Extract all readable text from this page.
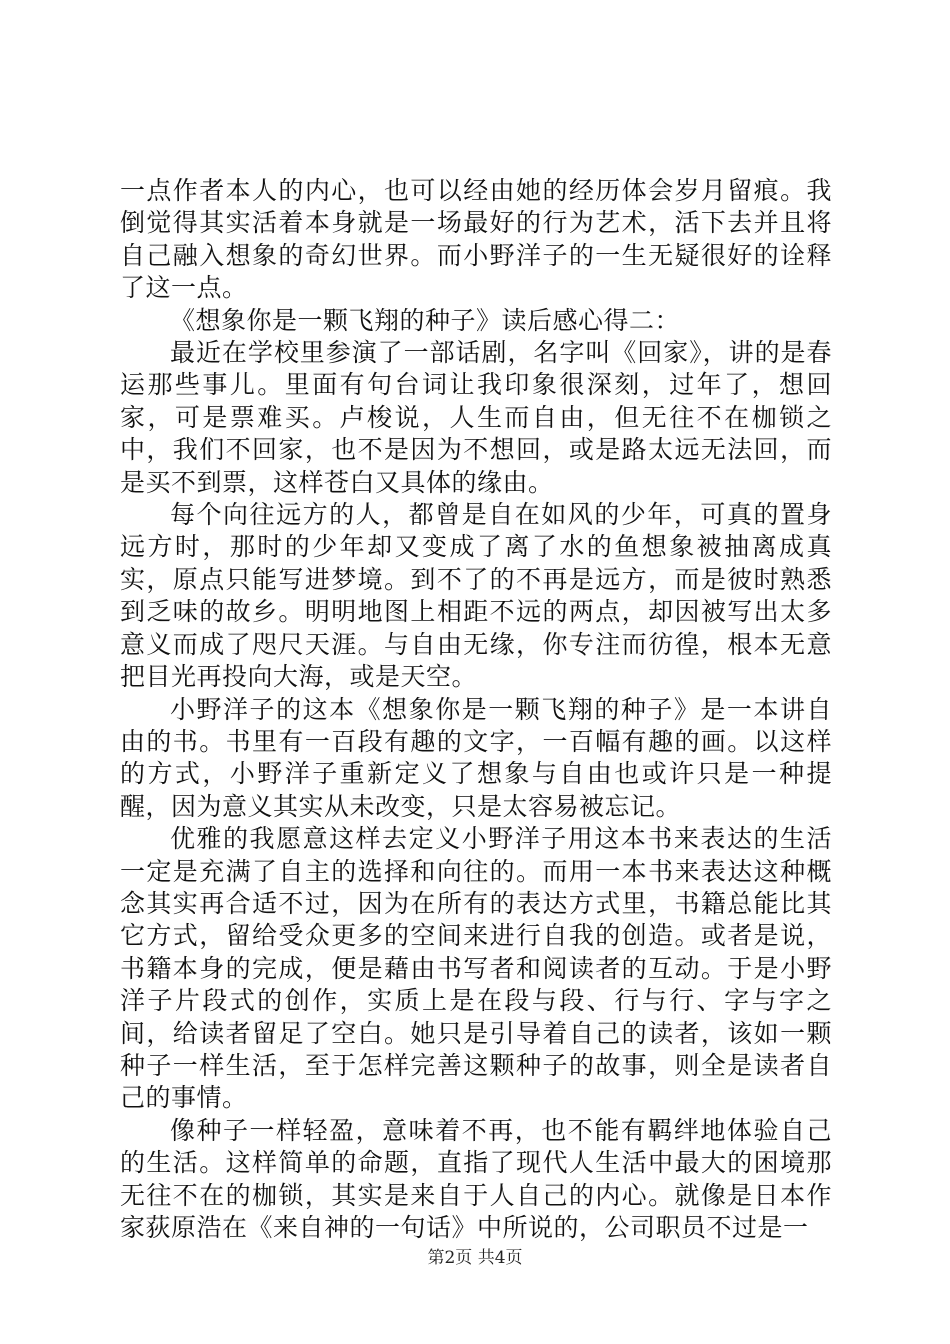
一点作者本人的内心，也可以经由她的经历体会岁月留痕。我倒觉得其实活着本身就是一场最好的行为艺术，活下去并且将自己融入想象的奇幻世界。而小野洋子的一生无疑很好的诠释了这一点。

《想象你是一颗飞翔的种子》读后感心得二：

最近在学校里参演了一部话剧，名字叫《回家》，讲的是春运那些事儿。里面有句台词让我印象很深刻，过年了，想回家，可是票难买。卢梭说，人生而自由，但无往不在枷锁之中，我们不回家，也不是因为不想回，或是路太远无法回，而是买不到票，这样苍白又具体的缘由。

每个向往远方的人，都曾是自在如风的少年，可真的置身远方时，那时的少年却又变成了离了水的鱼想象被抽离成真实，原点只能写进梦境。到不了的不再是远方，而是彼时熟悉到乏味的故乡。明明地图上相距不远的两点，却因被写出太多意义而成了咫尺天涯。与自由无缘，你专注而彷徨，根本无意把目光再投向大海，或是天空。

小野洋子的这本《想象你是一颗飞翔的种子》是一本讲自由的书。书里有一百段有趣的文字，一百幅有趣的画。以这样的方式，小野洋子重新定义了想象与自由也或许只是一种提醒，因为意义其实从未改变，只是太容易被忘记。

优雅的我愿意这样去定义小野洋子用这本书来表达的生活一定是充满了自主的选择和向往的。而用一本书来表达这种概念其实再合适不过，因为在所有的表达方式里，书籍总能比其它方式，留给受众更多的空间来进行自我的创造。或者是说，书籍本身的完成，便是藉由书写者和阅读者的互动。于是小野洋子片段式的创作，实质上是在段与段、行与行、字与字之间，给读者留足了空白。她只是引导着自己的读者，该如一颗种子一样生活，至于怎样完善这颗种子的故事，则全是读者自己的事情。

像种子一样轻盈，意味着不再，也不能有羁绊地体验自己的生活。这样简单的命题，直指了现代人生活中最大的困境那无往不在的枷锁，其实是来自于人自己的内心。就像是日本作家荻原浩在《来自神的一句话》中所说的，公司职员不过是一

第2页 共4页
